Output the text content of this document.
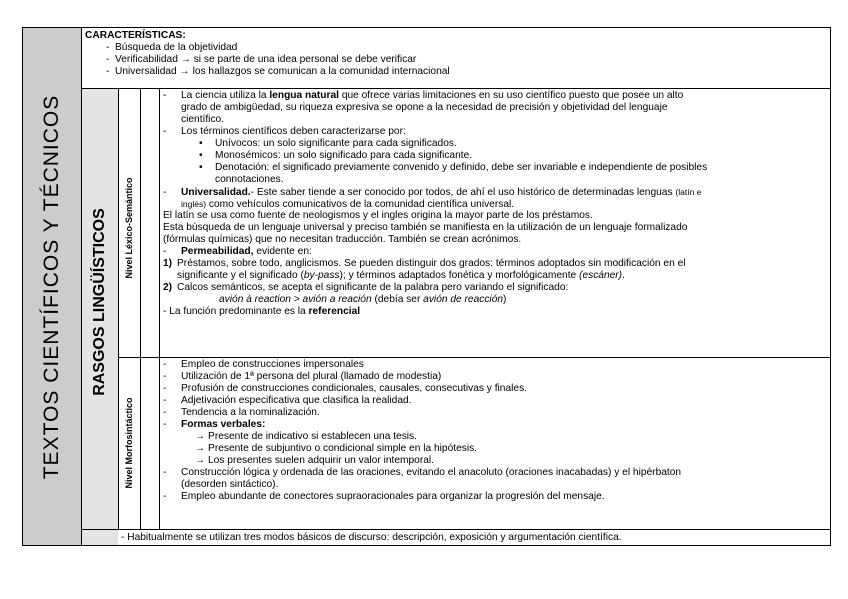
TEXTOS CIENTÍFICOS Y TÉCNICOS
CARACTERÍSTICAS:
-  Búsqueda de la objetividad
-  Verificabilidad → si se parte de una idea personal se debe verificar
-  Universalidad → los hallazgos se comunican a la comunidad internacional
RASGOS LINGÜÍSTICOS Nivel Léxico-Semántico
Nivel Morfosintáctico
- La ciencia utiliza la lengua natural que ofrece varias limitaciones en su uso científico puesto que posee un alto
grado de ambigüedad, su riqueza expresiva se opone a la necesidad de precisión y objetividad del lenguaje
científico.
- Los términos científicos deben caracterizarse por:
• Unívocos: un solo significante para cada significados.
• Monosémicos: un solo significado para cada significante.
• Denotación: el significado previamente convenido y definido, debe ser invariable e independiente de posibles
connotaciones.
- Universalidad.- Este saber tiende a ser conocido por todos, de ahí el uso histórico de determinadas lenguas (latín e
inglés) como vehículos comunicativos de la comunidad científica universal.
El latín se usa como fuente de neologismos y el ingles origina la mayor parte de los préstamos.
Esta búsqueda de un lenguaje universal y preciso también se manifiesta en la utilización de un lenguaje formalizado
(fórmulas químicas) que no necesitan traducción. También se crean acrónimos.
- Permeabilidad, evidente en:
1) Préstamos, sobre todo, anglicismos. Se pueden distinguir dos grados: términos adoptados sin modificación en el
significante y el significado (by-pass); y términos adaptados fonética y morfológicamente (escáner).
2) Calcos semánticos, se acepta el significante de la palabra pero variando el significado:
avión à reaction > avión a reación (debía ser avión de reacción)
- La función predominante es la referencial
- Empleo de construcciones impersonales
- Utilización de 1ª persona del plural (llamado de modestia)
- Profusión de construcciones condicionales, causales, consecutivas y finales.
- Adjetivación especificativa que clasifica la realidad.
- Tendencia a la nominalización.
- Formas verbales:
→ Presente de indicativo si establecen una tesis.
→ Presente de subjuntivo o condicional simple en la hipótesis.
→ Los presentes suelen adquirir un valor intemporal.
- Construcción lógica y ordenada de las oraciones, evitando el anacoluto (oraciones inacabadas) y el hipérbaton
(desorden sintáctico).
- Empleo abundante de conectores supraoracionales para organizar la progresión del mensaje.
- Habitualmente se utilizan tres modos básicos de discurso: descripción, exposición y argumentación científica.
